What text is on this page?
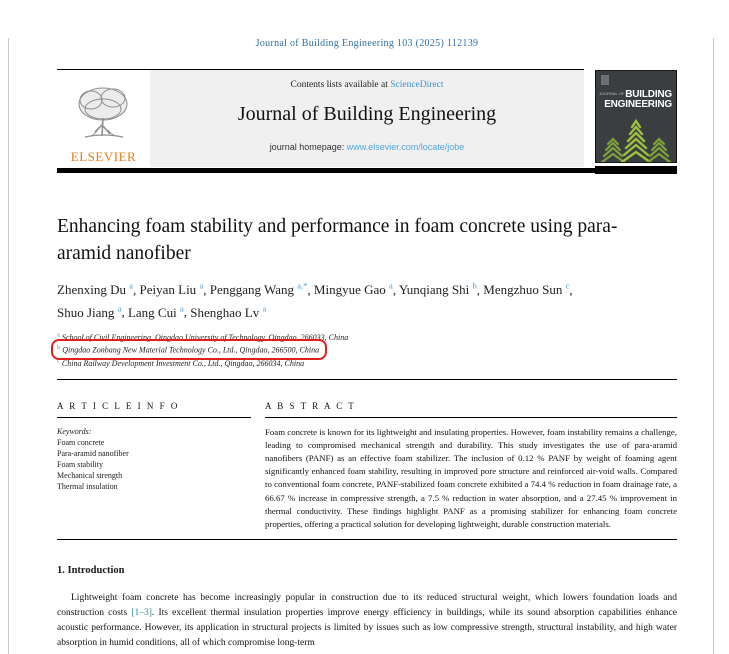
Journal of Building Engineering 103 (2025) 112139
ELSEVIER
Contents lists available at ScienceDirect
Journal of Building Engineering
journal homepage: www.elsevier.com/locate/jobe
$^{JOURNAL OF}$BUILDING
ENGINEERING
Enhancing foam stability and performance in foam concrete using para-aramid nanofiber
Zhenxing Du $^a$, Peiyan Liu $^a$, Penggang Wang $^{a,*}$, Mingyue Gao $^a$, Yunqiang Shi $^b$, Mengzhuo Sun $^c$, Shuo Jiang $^a$, Lang Cui $^a$, Shenghao Lv $^a$
$^a$ School of Civil Engineering, Qingdao University of Technology, Qingdao, 266033, China
$^b$ Qingdao Zonbang New Material Technology Co., Ltd., Qingdao, 266500, China
$^c$ China Railway Development Investment Co., Ltd., Qingdao, 266034, China
A R T I C L E I N F O
Keywords:
Foam concrete
Para-aramid nanofiber
Foam stability
Mechanical strength
Thermal insulation
A B S T R A C T
Foam concrete is known for its lightweight and insulating properties. However, foam instability remains a challenge, leading to compromised mechanical strength and durability. This study investigates the use of para-aramid nanofibers (PANF) as an effective foam stabilizer. The inclusion of 0.12 % PANF by weight of foaming agent significantly enhanced foam stability, resulting in improved pore structure and reinforced air-void walls. Compared to conventional foam concrete, PANF-stabilized foam concrete exhibited a 74.4 % reduction in foam drainage rate, a 66.67 % increase in compressive strength, a 7.5 % reduction in water absorption, and a 27.45 % improvement in thermal conductivity. These findings highlight PANF as a promising stabilizer for enhancing foam concrete properties, offering a practical solution for developing lightweight, durable construction materials.
1. Introduction
Lightweight foam concrete has become increasingly popular in construction due to its reduced structural weight, which lowers foundation loads and construction costs [1–3]. Its excellent thermal insulation properties improve energy efficiency in buildings, while its sound absorption capabilities enhance acoustic performance. However, its application in structural projects is limited by issues such as low compressive strength, structural instability, and high water absorption in humid conditions, all of which compromise long-term
